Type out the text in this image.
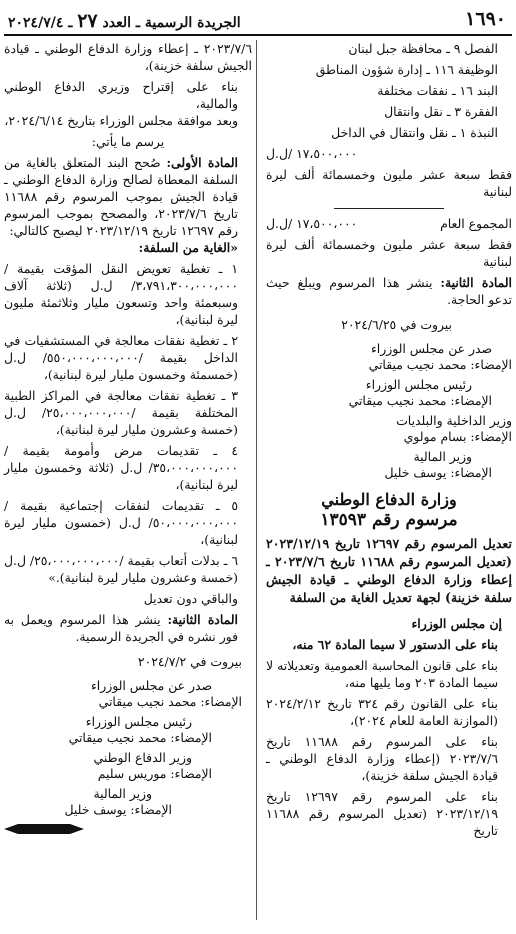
١٦٩٠
الجريدة الرسمية ـ العدد ٢٧ ـ ٢٠٢٤/٧/٤

الفصل ٩ ـ محافظة جبل لبنان

الوظيفة ١١٦ ـ إدارة شؤون المناطق

البند ١٦ ـ نفقات مختلفة

الفقرة ٣ ـ نقل وانتقال

النبذة ١ ـ نقل وانتقال في الداخل

١٧،٥٠٠،٠٠٠ /ل.ل

فقط سبعة عشر مليون وخمسمائة ألف ليرة لبنانية

المجموع العام
١٧،٥٠٠،٠٠٠ /ل.ل

فقط سبعة عشر مليون وخمسمائة ألف ليرة لبنانية

المادة الثانية: ينشر هذا المرسوم ويبلغ حيث تدعو الحاجة.

بيروت في ٢٠٢٤/٦/٢٥

صدر عن مجلس الوزراء

الإمضاء: محمد نجيب ميقاتي

رئيس مجلس الوزراء

الإمضاء: محمد نجيب ميقاتي

وزير الداخلية والبلديات

الإمضاء: بسام مولوي

وزير المالية

الإمضاء: يوسف خليل

وزارة الدفاع الوطني

مرسوم رقم ١٣٥٩٣

تعديل المرسوم رقم ١٢٦٩٧ تاريخ ٢٠٢٣/١٢/١٩ (تعديل المرسوم رقم ١١٦٨٨ تاريخ ٢٠٢٣/٧/٦ ـ إعطاء وزارة الدفاع الوطني ـ قيادة الجيش سلفة خزينة) لجهة تعديل الغاية من السلفة

إن مجلس الوزراء

بناء على الدستور لا سيما المادة ٦٢ منه،

بناء على قانون المحاسبة العمومية وتعديلاته لا سيما المادة ٢٠٣ وما يليها منه،

بناء على القانون رقم ٣٢٤ تاريخ ٢٠٢٤/٢/١٢ (الموازنة العامة للعام ٢٠٢٤)،

بناء على المرسوم رقم ١١٦٨٨ تاريخ ٢٠٢٣/٧/٦ (إعطاء وزارة الدفاع الوطني ـ قيادة الجيش سلفة خزينة)،

بناء على المرسوم رقم ١٢٦٩٧ تاريخ ٢٠٢٣/١٢/١٩ (تعديل المرسوم رقم ١١٦٨٨ تاريخ

٢٠٢٣/٧/٦ ـ إعطاء وزارة الدفاع الوطني ـ قيادة الجيش سلفة خزينة)،

بناء على إقتراح وزيري الدفاع الوطني والمالية،

وبعد موافقة مجلس الوزراء بتاريخ ٢٠٢٤/٦/١٤،

يرسم ما يأتي:

المادة الأولى: صُحح البند المتعلق بالغاية من السلفة المعطاة لصالح وزارة الدفاع الوطني ـ قيادة الجيش بموجب المرسوم رقم ١١٦٨٨ تاريخ ٢٠٢٣/٧/٦، والمصحح بموجب المرسوم رقم ١٢٦٩٧ تاريخ ٢٠٢٣/١٢/١٩ ليصبح كالتالي:

«الغاية من السلفة:

١ ـ تغطية تعويض النقل المؤقت بقيمة /٣،٧٩١،٣٠٠،٠٠٠،٠٠٠/ ل.ل (ثلاثة آلاف وسبعمئة واحد وتسعون مليار وثلاثمئة مليون ليرة لبنانية)،

٢ ـ تغطية نفقات معالجة في المستشفيات في الداخل بقيمة /٥٥٠،٠٠٠،٠٠٠،٠٠٠/ ل.ل (خمسمئة وخمسون مليار ليرة لبنانية)،

٣ ـ تغطية نفقات معالجة في المراكز الطبية المختلفة بقيمة /٢٥،٠٠٠،٠٠٠،٠٠٠/ ل.ل (خمسة وعشرون مليار ليرة لبنانية)،

٤ ـ تقديمات مرض وأمومة بقيمة /٣٥،٠٠٠،٠٠٠،٠٠٠/ ل.ل (ثلاثة وخمسون مليار ليرة لبنانية)،

٥ ـ تقديمات لنفقات إجتماعية بقيمة /٥٠،٠٠٠،٠٠٠،٠٠٠/ ل.ل (خمسون مليار ليرة لبنانية)،

٦ ـ بدلات أتعاب بقيمة /٢٥،٠٠٠،٠٠٠،٠٠٠/ ل.ل (خمسة وعشرون مليار ليرة لبنانية).»

والباقي دون تعديل

المادة الثانية: ينشر هذا المرسوم ويعمل به فور نشره في الجريدة الرسمية.

بيروت في ٢٠٢٤/٧/٢

صدر عن مجلس الوزراء

الإمضاء: محمد نجيب ميقاتي

رئيس مجلس الوزراء

الإمضاء: محمد نجيب ميقاتي

وزير الدفاع الوطني

الإمضاء: موريس سليم

وزير المالية

الإمضاء: يوسف خليل
